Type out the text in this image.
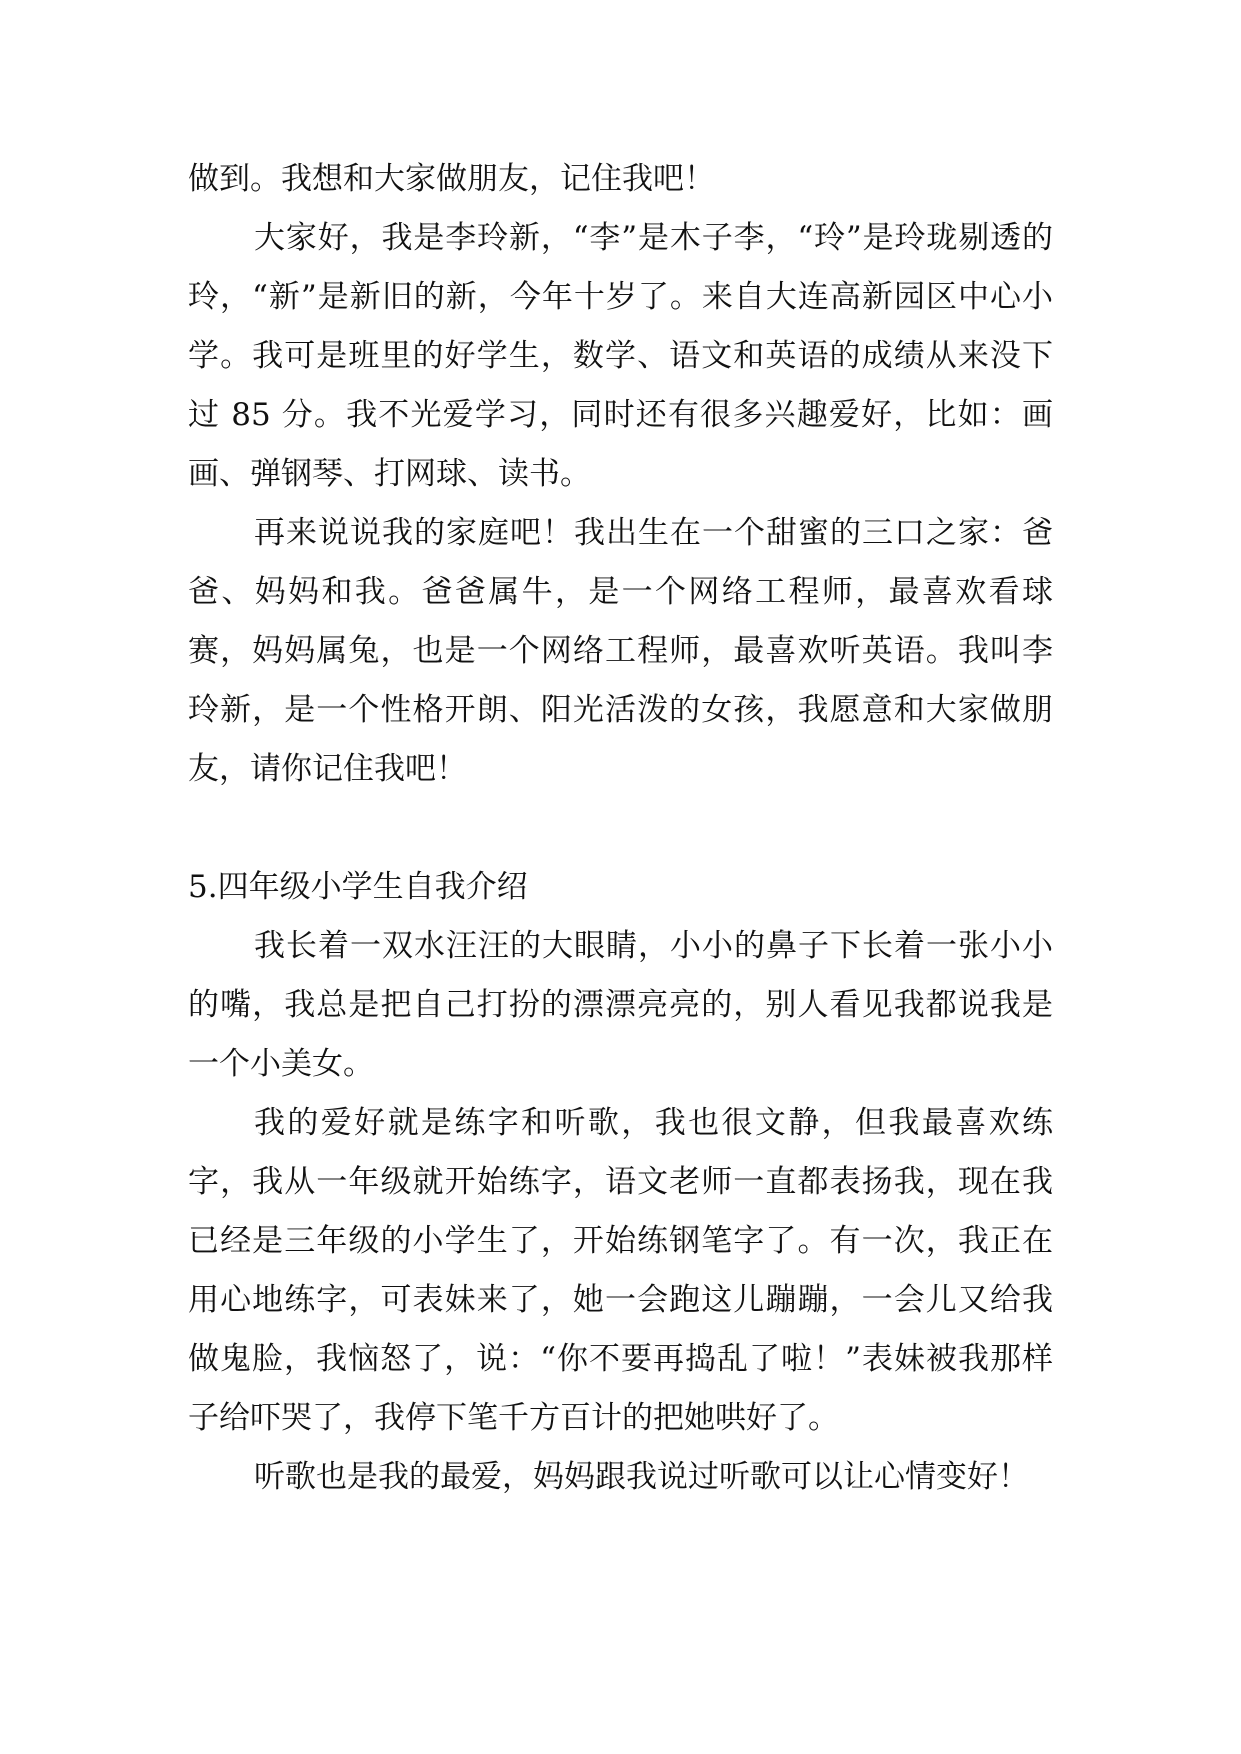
做到。我想和大家做朋友，记住我吧！

大家好，我是李玲新，“李”是木子李，“玲”是玲珑剔透的玲，“新”是新旧的新，今年十岁了。来自大连高新园区中心小学。我可是班里的好学生，数学、语文和英语的成绩从来没下过 85 分。我不光爱学习，同时还有很多兴趣爱好，比如：画画、弹钢琴、打网球、读书。

再来说说我的家庭吧！我出生在一个甜蜜的三口之家：爸爸、妈妈和我。爸爸属牛，是一个网络工程师，最喜欢看球赛，妈妈属兔，也是一个网络工程师，最喜欢听英语。我叫李玲新，是一个性格开朗、阳光活泼的女孩，我愿意和大家做朋友，请你记住我吧！

5.四年级小学生自我介绍

我长着一双水汪汪的大眼睛，小小的鼻子下长着一张小小的嘴，我总是把自己打扮的漂漂亮亮的，别人看见我都说我是一个小美女。

我的爱好就是练字和听歌，我也很文静，但我最喜欢练字，我从一年级就开始练字，语文老师一直都表扬我，现在我已经是三年级的小学生了，开始练钢笔字了。有一次，我正在用心地练字，可表妹来了，她一会跑这儿蹦蹦，一会儿又给我做鬼脸，我恼怒了，说：“你不要再捣乱了啦！”表妹被我那样子给吓哭了，我停下笔千方百计的把她哄好了。

听歌也是我的最爱，妈妈跟我说过听歌可以让心情变好！
